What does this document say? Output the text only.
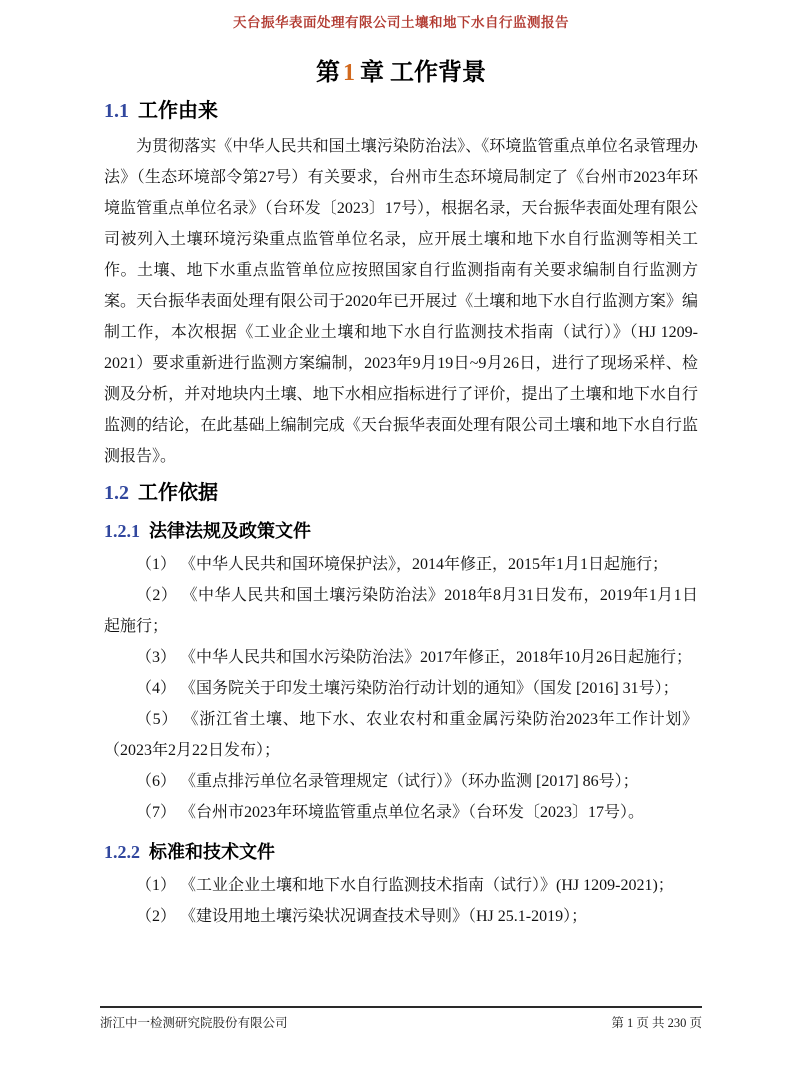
天台振华表面处理有限公司土壤和地下水自行监测报告
第 1 章 工作背景
1.1 工作由来

为贯彻落实《中华人民共和国土壤污染防治法》、《环境监管重点单位名录管理办法》（生态环境部令第27号）有关要求，台州市生态环境局制定了《台州市2023年环境监管重点单位名录》（台环发〔2023〕17号），根据名录，天台振华表面处理有限公司被列入土壤环境污染重点监管单位名录，应开展土壤和地下水自行监测等相关工作。土壤、地下水重点监管单位应按照国家自行监测指南有关要求编制自行监测方案。天台振华表面处理有限公司于2020年已开展过《土壤和地下水自行监测方案》编制工作，本次根据《工业企业土壤和地下水自行监测技术指南（试行）》（HJ 1209-2021）要求重新进行监测方案编制，2023年9月19日~9月26日，进行了现场采样、检测及分析，并对地块内土壤、地下水相应指标进行了评价，提出了土壤和地下水自行监测的结论，在此基础上编制完成《天台振华表面处理有限公司土壤和地下水自行监测报告》。

1.2 工作依据
1.2.1 法律法规及政策文件

（1） 《中华人民共和国环境保护法》，2014年修正，2015年1月1日起施行；

（2） 《中华人民共和国土壤污染防治法》2018年8月31日发布，2019年1月1日起施行；

（3） 《中华人民共和国水污染防治法》2017年修正，2018年10月26日起施行；

（4） 《国务院关于印发土壤污染防治行动计划的通知》（国发 [2016] 31号）；

（5） 《浙江省土壤、地下水、农业农村和重金属污染防治2023年工作计划》（2023年2月22日发布）；

（6） 《重点排污单位名录管理规定（试行）》（环办监测 [2017] 86号）；

（7） 《台州市2023年环境监管重点单位名录》（台环发〔2023〕17号）。

1.2.2 标准和技术文件

（1） 《工业企业土壤和地下水自行监测技术指南（试行）》(HJ 1209-2021)；

（2） 《建设用地土壤污染状况调查技术导则》（HJ 25.1-2019）；

浙江中一检测研究院股份有限公司	第 1 页 共 230 页
